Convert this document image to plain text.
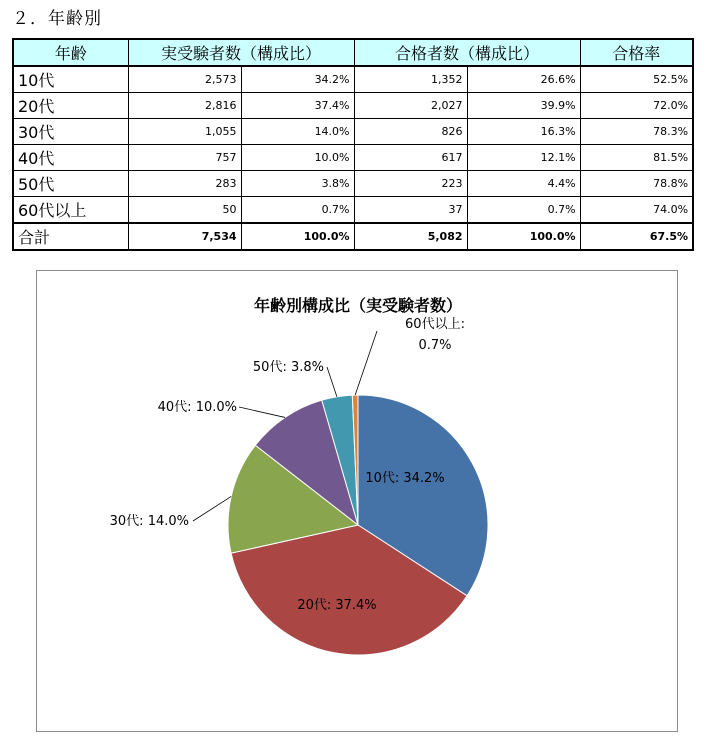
２．年齢別
年齢	実受験者数（構成比）		合格者数（構成比）		合格率
10代	2,573	34.2%	1,352	26.6%	52.5%
20代	2,816	37.4%	2,027	39.9%	72.0%
30代	1,055	14.0%	826	16.3%	78.3%
40代	757	10.0%	617	12.1%	81.5%
50代	283	3.8%	223	4.4%	78.8%
60代以上	50	0.7%	37	0.7%	74.0%
合計	7,534	100.0%	5,082	100.0%	67.5%
年齢別構成比（実受験者数）
10代: 34.2%
20代: 37.4%
30代: 14.0%
40代: 10.0%
50代: 3.8%
60代以上:
0.7%
